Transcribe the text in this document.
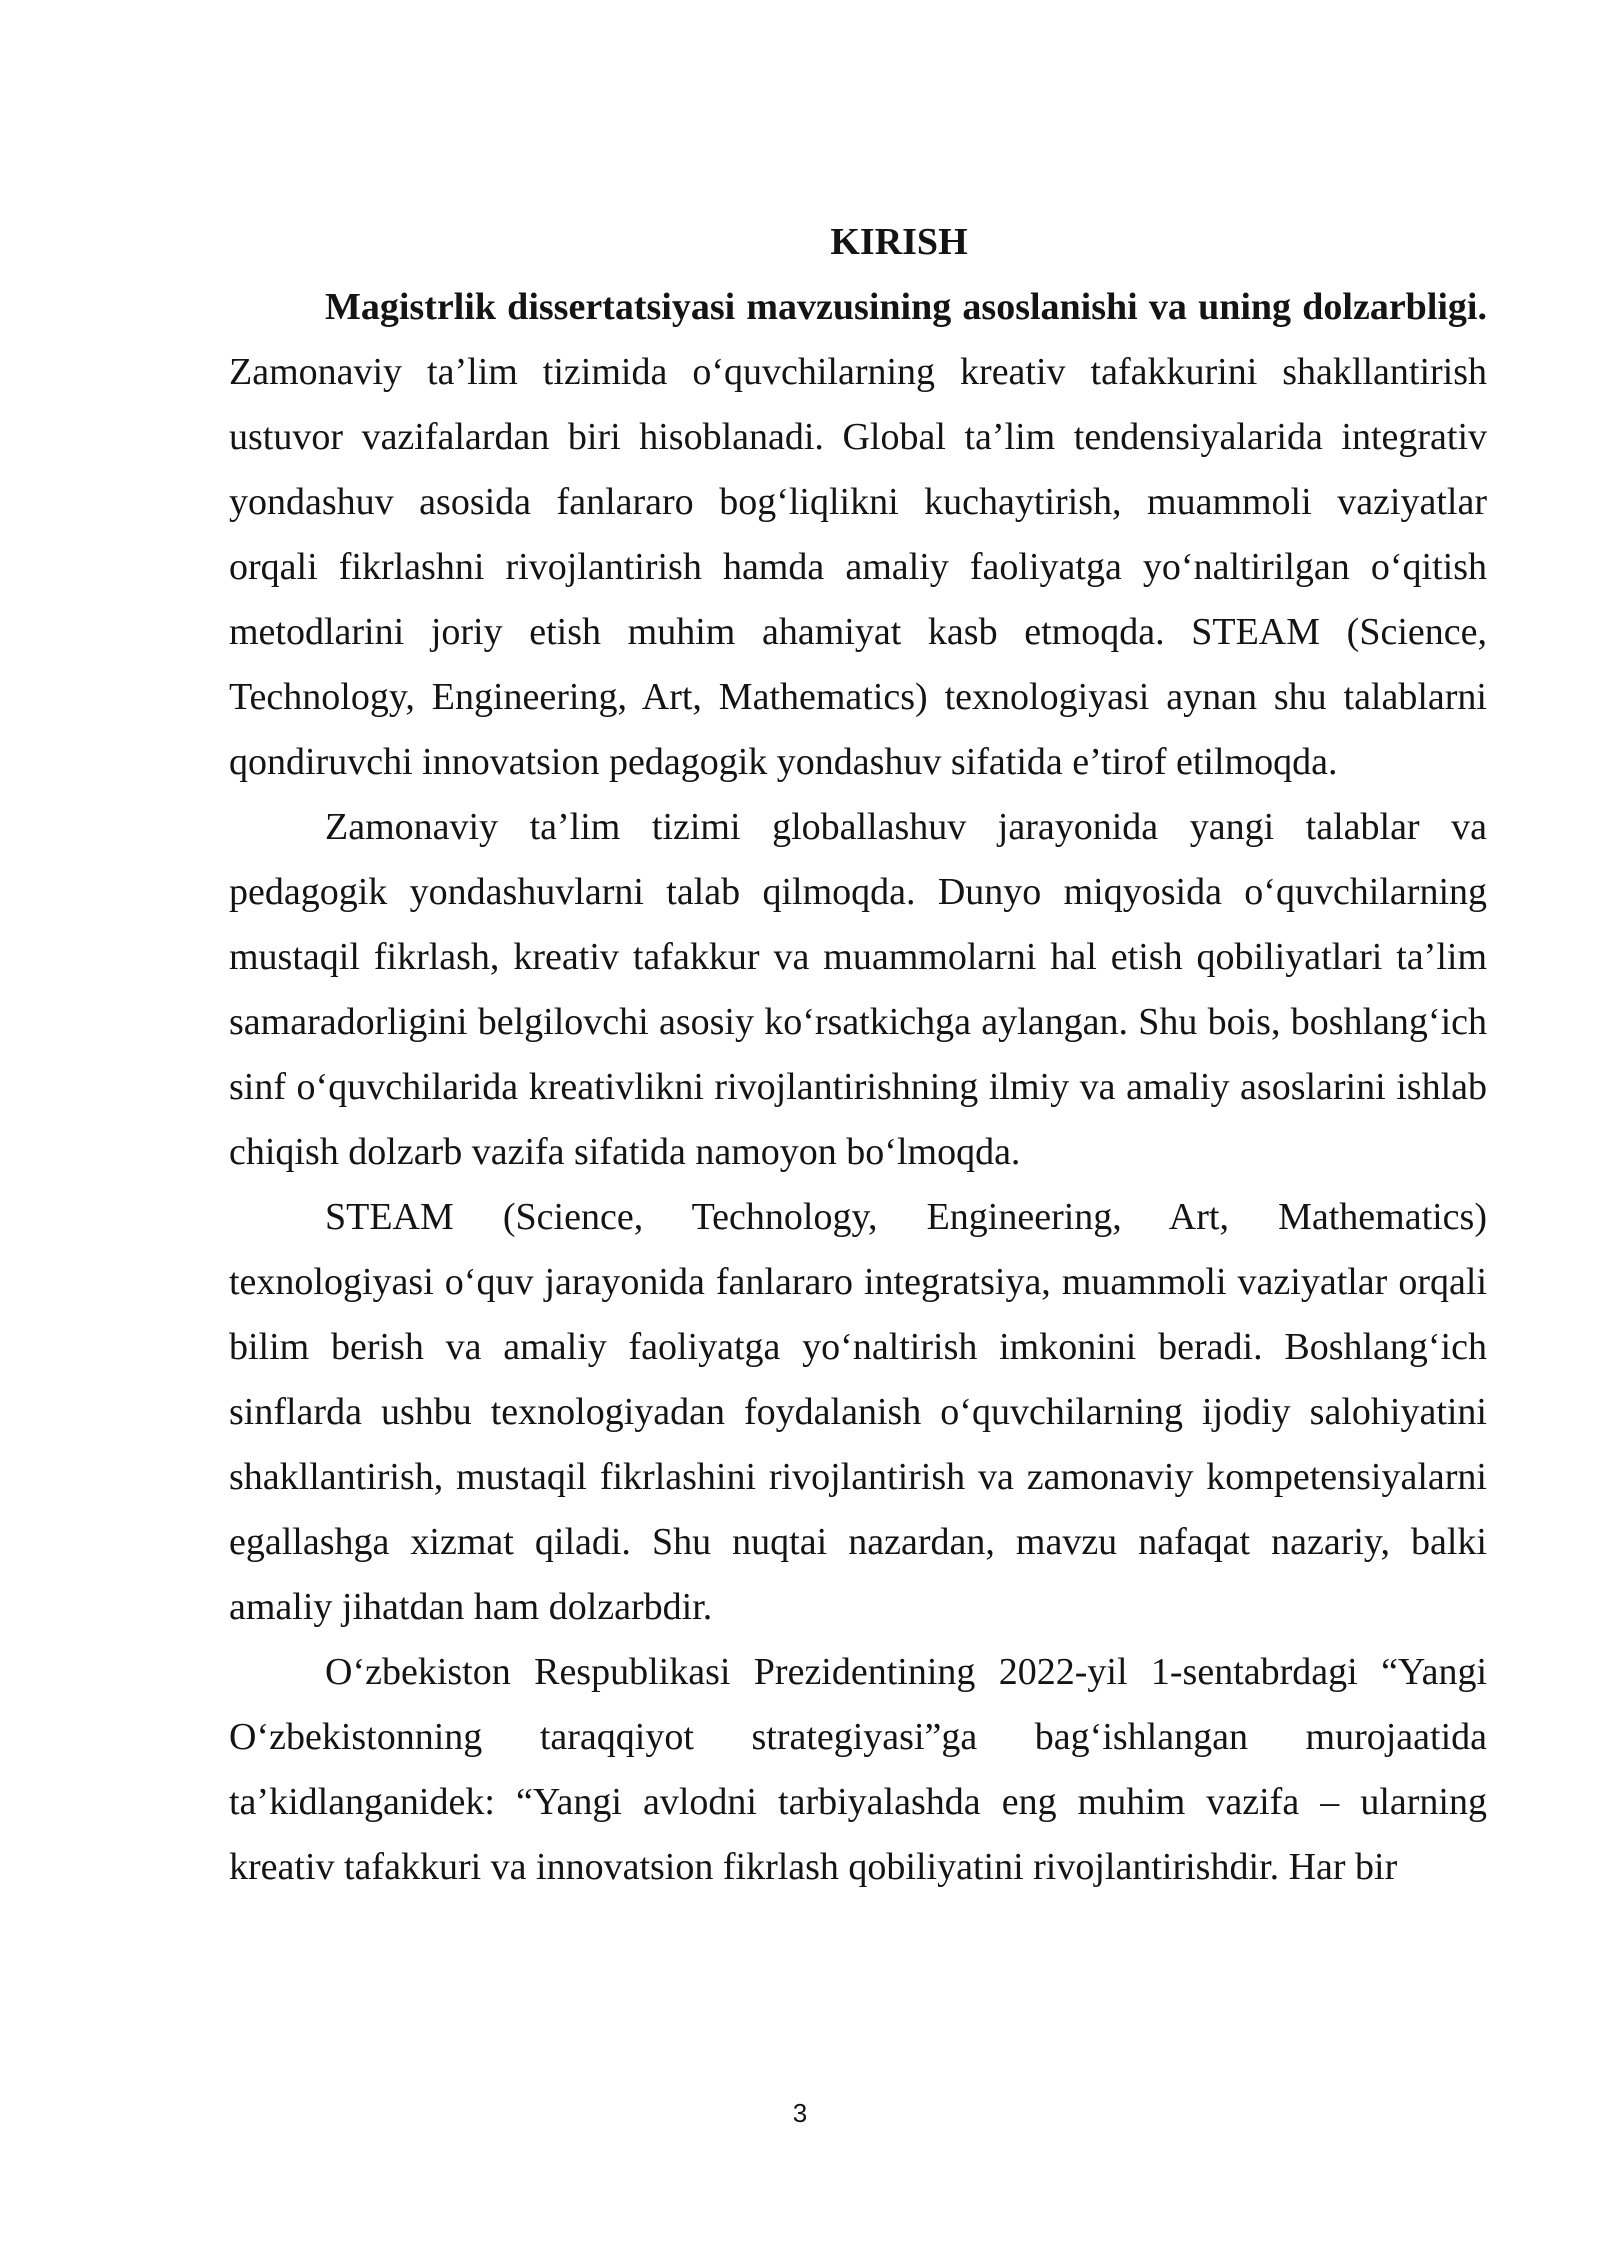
KIRISH

Magistrlik dissertatsiyasi mavzusining asoslanishi va uning dolzarbligi. Zamonaviy ta’lim tizimida o‘quvchilarning kreativ tafakkurini shakllantirish ustuvor vazifalardan biri hisoblanadi. Global ta’lim tendensiyalarida integrativ yondashuv asosida fanlararo bog‘liqlikni kuchaytirish, muammoli vaziyatlar orqali fikrlashni rivojlantirish hamda amaliy faoliyatga yo‘naltirilgan o‘qitish metodlarini joriy etish muhim ahamiyat kasb etmoqda. STEAM (Science, Technology, Engineering, Art, Mathematics) texnologiyasi aynan shu talablarni qondiruvchi innovatsion pedagogik yondashuv sifatida e’tirof etilmoqda.

Zamonaviy ta’lim tizimi globallashuv jarayonida yangi talablar va pedagogik yondashuvlarni talab qilmoqda. Dunyo miqyosida o‘quvchilarning mustaqil fikrlash, kreativ tafakkur va muammolarni hal etish qobiliyatlari ta’lim samaradorligini belgilovchi asosiy ko‘rsatkichga aylangan. Shu bois, boshlang‘ich sinf o‘quvchilarida kreativlikni rivojlantirishning ilmiy va amaliy asoslarini ishlab chiqish dolzarb vazifa sifatida namoyon bo‘lmoqda.

STEAM (Science, Technology, Engineering, Art, Mathematics) texnologiyasi o‘quv jarayonida fanlararo integratsiya, muammoli vaziyatlar orqali bilim berish va amaliy faoliyatga yo‘naltirish imkonini beradi. Boshlang‘ich sinflarda ushbu texnologiyadan foydalanish o‘quvchilarning ijodiy salohiyatini shakllantirish, mustaqil fikrlashini rivojlantirish va zamonaviy kompetensiyalarni egallashga xizmat qiladi. Shu nuqtai nazardan, mavzu nafaqat nazariy, balki amaliy jihatdan ham dolzarbdir.

O‘zbekiston Respublikasi Prezidentining 2022-yil 1-sentabrdagi “Yangi O‘zbekistonning taraqqiyot strategiyasi”ga bag‘ishlangan murojaatida ta’kidlanganidek: “Yangi avlodni tarbiyalashda eng muhim vazifa – ularning kreativ tafakkuri va innovatsion fikrlash qobiliyatini rivojlantirishdir. Har bir

3
